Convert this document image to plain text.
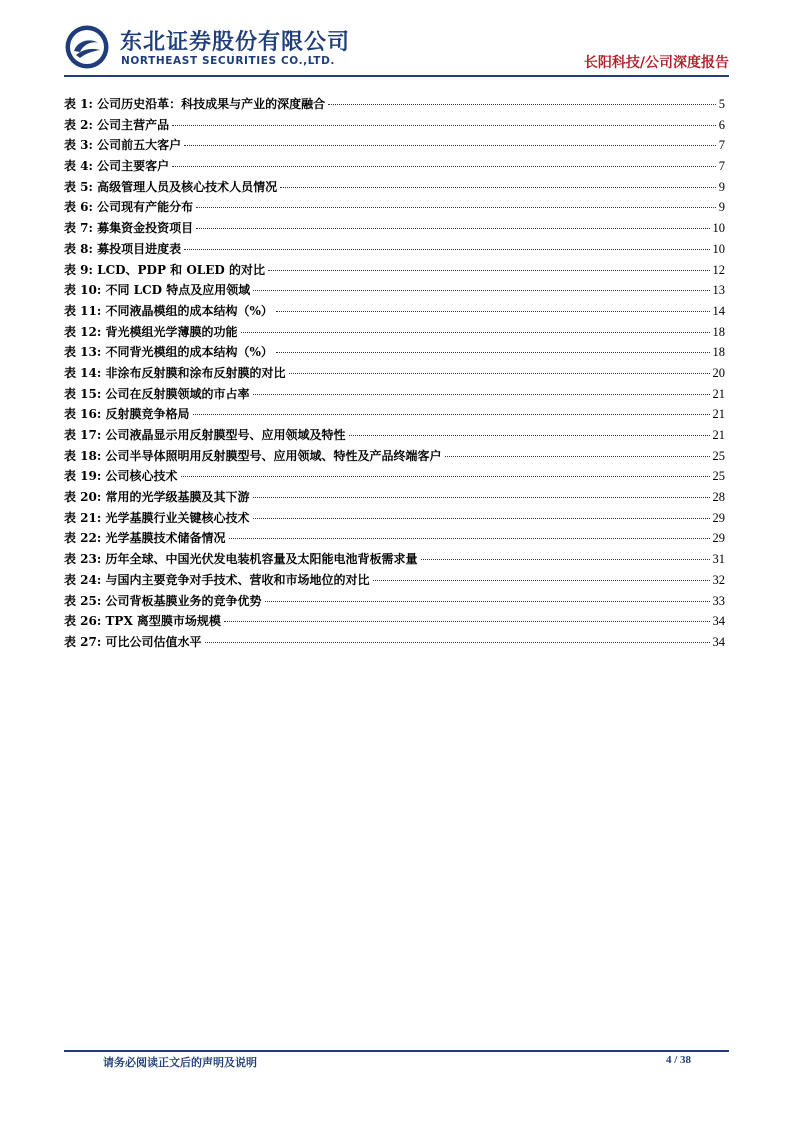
东北证券股份有限公司
NORTHEAST SECURITIES CO.,LTD.	长阳科技/公司深度报告
表 1: 公司历史沿革：科技成果与产业的深度融合	5
表 2: 公司主营产品	6
表 3: 公司前五大客户	7
表 4: 公司主要客户	7
表 5: 高级管理人员及核心技术人员情况	9
表 6: 公司现有产能分布	9
表 7: 募集资金投资项目	10
表 8: 募投项目进度表	10
表 9: LCD、PDP 和 OLED 的对比	12
表 10: 不同 LCD 特点及应用领域	13
表 11: 不同液晶模组的成本结构（%）	14
表 12: 背光模组光学薄膜的功能	18
表 13: 不同背光模组的成本结构（%）	18
表 14: 非涂布反射膜和涂布反射膜的对比	20
表 15: 公司在反射膜领域的市占率	21
表 16: 反射膜竞争格局	21
表 17: 公司液晶显示用反射膜型号、应用领域及特性	21
表 18: 公司半导体照明用反射膜型号、应用领域、特性及产品终端客户	25
表 19: 公司核心技术	25
表 20: 常用的光学级基膜及其下游	28
表 21: 光学基膜行业关键核心技术	29
表 22: 光学基膜技术储备情况	29
表 23: 历年全球、中国光伏发电装机容量及太阳能电池背板需求量	31
表 24: 与国内主要竞争对手技术、营收和市场地位的对比	32
表 25: 公司背板基膜业务的竞争优势	33
表 26: TPX 离型膜市场规模	34
表 27: 可比公司估值水平	34
请务必阅读正文后的声明及说明	4 / 38
